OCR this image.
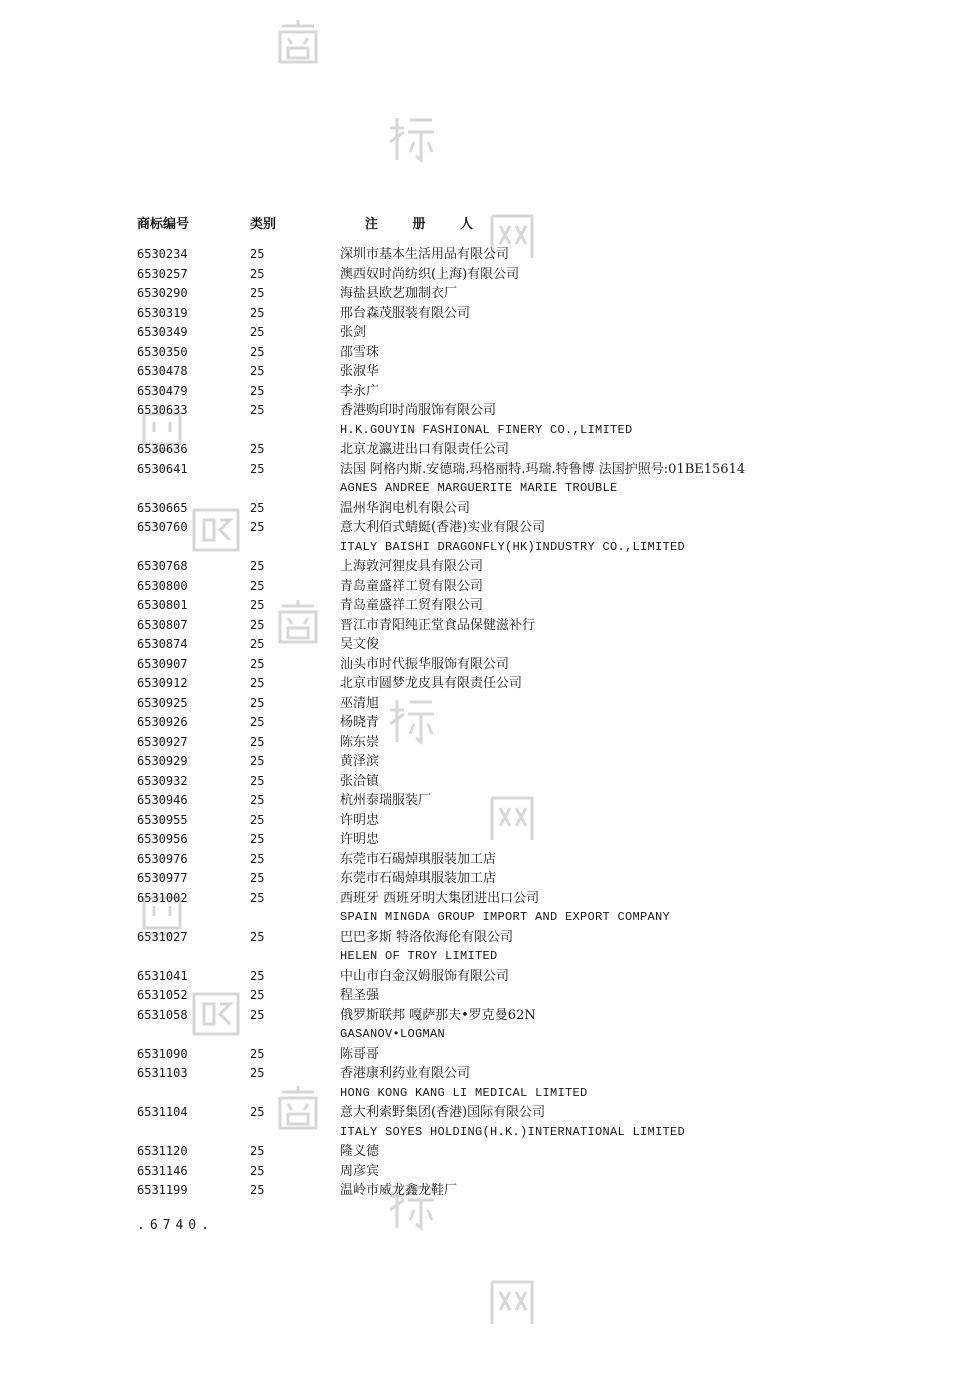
商标编号	类别	注 册 人
6530234	25	深圳市基本生活用品有限公司
6530257	25	澳西奴时尚纺织(上海)有限公司
6530290	25	海盐县欧艺珈制衣厂
6530319	25	邢台森茂服装有限公司
6530349	25	张剑
6530350	25	邵雪珠
6530478	25	张淑华
6530479	25	李永广
6530633	25	香港购印时尚服饰有限公司
H.K.GOUYIN FASHIONAL FINERY CO.,LIMITED
6530636	25	北京龙瀛进出口有限责任公司
6530641	25	法国 阿格内斯.安德瑞.玛格丽特.玛瑞.特鲁博 法国护照号:01BE15614
AGNES ANDREE MARGUERITE MARIE TROUBLE
6530665	25	温州华润电机有限公司
6530760	25	意大利佰式蜻蜓(香港)实业有限公司
ITALY BAISHI DRAGONFLY(HK)INDUSTRY CO.,LIMITED
6530768	25	上海敦河狸皮具有限公司
6530800	25	青岛童盛祥工贸有限公司
6530801	25	青岛童盛祥工贸有限公司
6530807	25	晋江市青阳纯正堂食品保健滋补行
6530874	25	吴文俊
6530907	25	汕头市时代振华服饰有限公司
6530912	25	北京市圆梦龙皮具有限责任公司
6530925	25	巫清旭
6530926	25	杨晓青
6530927	25	陈东崇
6530929	25	黄泽滨
6530932	25	张洽镇
6530946	25	杭州泰瑞服装厂
6530955	25	许明忠
6530956	25	许明忠
6530976	25	东莞市石碣焯琪服装加工店
6530977	25	东莞市石碣焯琪服装加工店
6531002	25	西班牙 西班牙明大集团进出口公司
SPAIN MINGDA GROUP IMPORT AND EXPORT COMPANY
6531027	25	巴巴多斯 特洛依海伦有限公司
HELEN OF TROY LIMITED
6531041	25	中山市白金汉姆服饰有限公司
6531052	25	程圣强
6531058	25	俄罗斯联邦 嘎萨那夫•罗克曼62N
GASANOV•LOGMAN
6531090	25	陈哥哥
6531103	25	香港康利药业有限公司
HONG KONG KANG LI MEDICAL LIMITED
6531104	25	意大利索野集团(香港)国际有限公司
ITALY SOYES HOLDING(H.K.)INTERNATIONAL LIMITED
6531120	25	隆义德
6531146	25	周彦宾
6531199	25	温岭市威龙鑫龙鞋厂
.6740.
